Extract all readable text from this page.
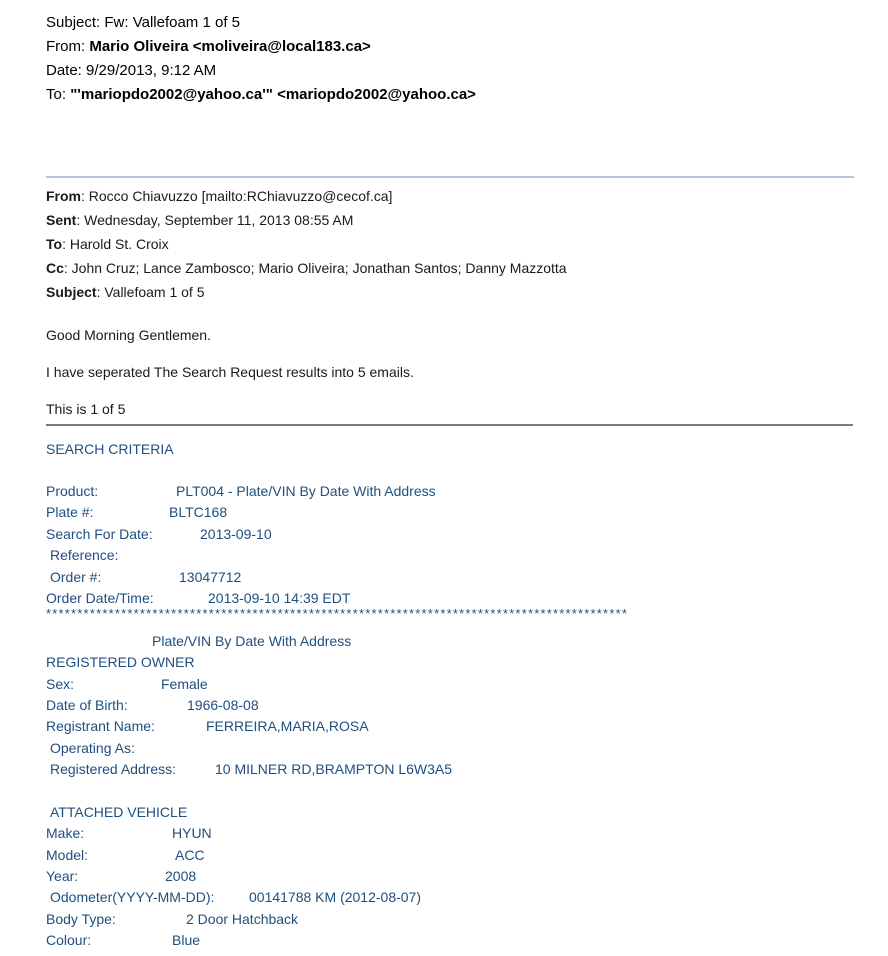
Subject: Fw: Vallefoam 1 of 5
From: Mario Oliveira <moliveira@local183.ca>
Date: 9/29/2013, 9:12 AM
To: "'mariopdo2002@yahoo.ca'" <mariopdo2002@yahoo.ca>
From: Rocco Chiavuzzo [mailto:RChiavuzzo@cecof.ca]
Sent: Wednesday, September 11, 2013 08:55 AM
To: Harold St. Croix
Cc: John Cruz; Lance Zambosco; Mario Oliveira; Jonathan Santos; Danny Mazzotta
Subject: Vallefoam 1 of 5
Good Morning Gentlemen.
I have seperated The Search Request results into 5 emails.
This is 1 of 5
SEARCH CRITERIA
Product:	PLT004 - Plate/VIN By Date With Address
Plate #:	BLTC168
Search For Date:	2013-09-10
Reference:
Order #:	13047712
Order Date/Time:	2013-09-10 14:39 EDT
*********************************************************************************************
Plate/VIN By Date With Address
REGISTERED OWNER
Sex:	Female
Date of Birth:	1966-08-08
Registrant Name:	FERREIRA,MARIA,ROSA
Operating As:
Registered Address:	10 MILNER RD,BRAMPTON L6W3A5
ATTACHED VEHICLE
Make:	HYUN
Model:	ACC
Year:	2008
Odometer(YYYY-MM-DD): 00141788 KM (2012-08-07)
Body Type:	2 Door Hatchback
Colour:	Blue
